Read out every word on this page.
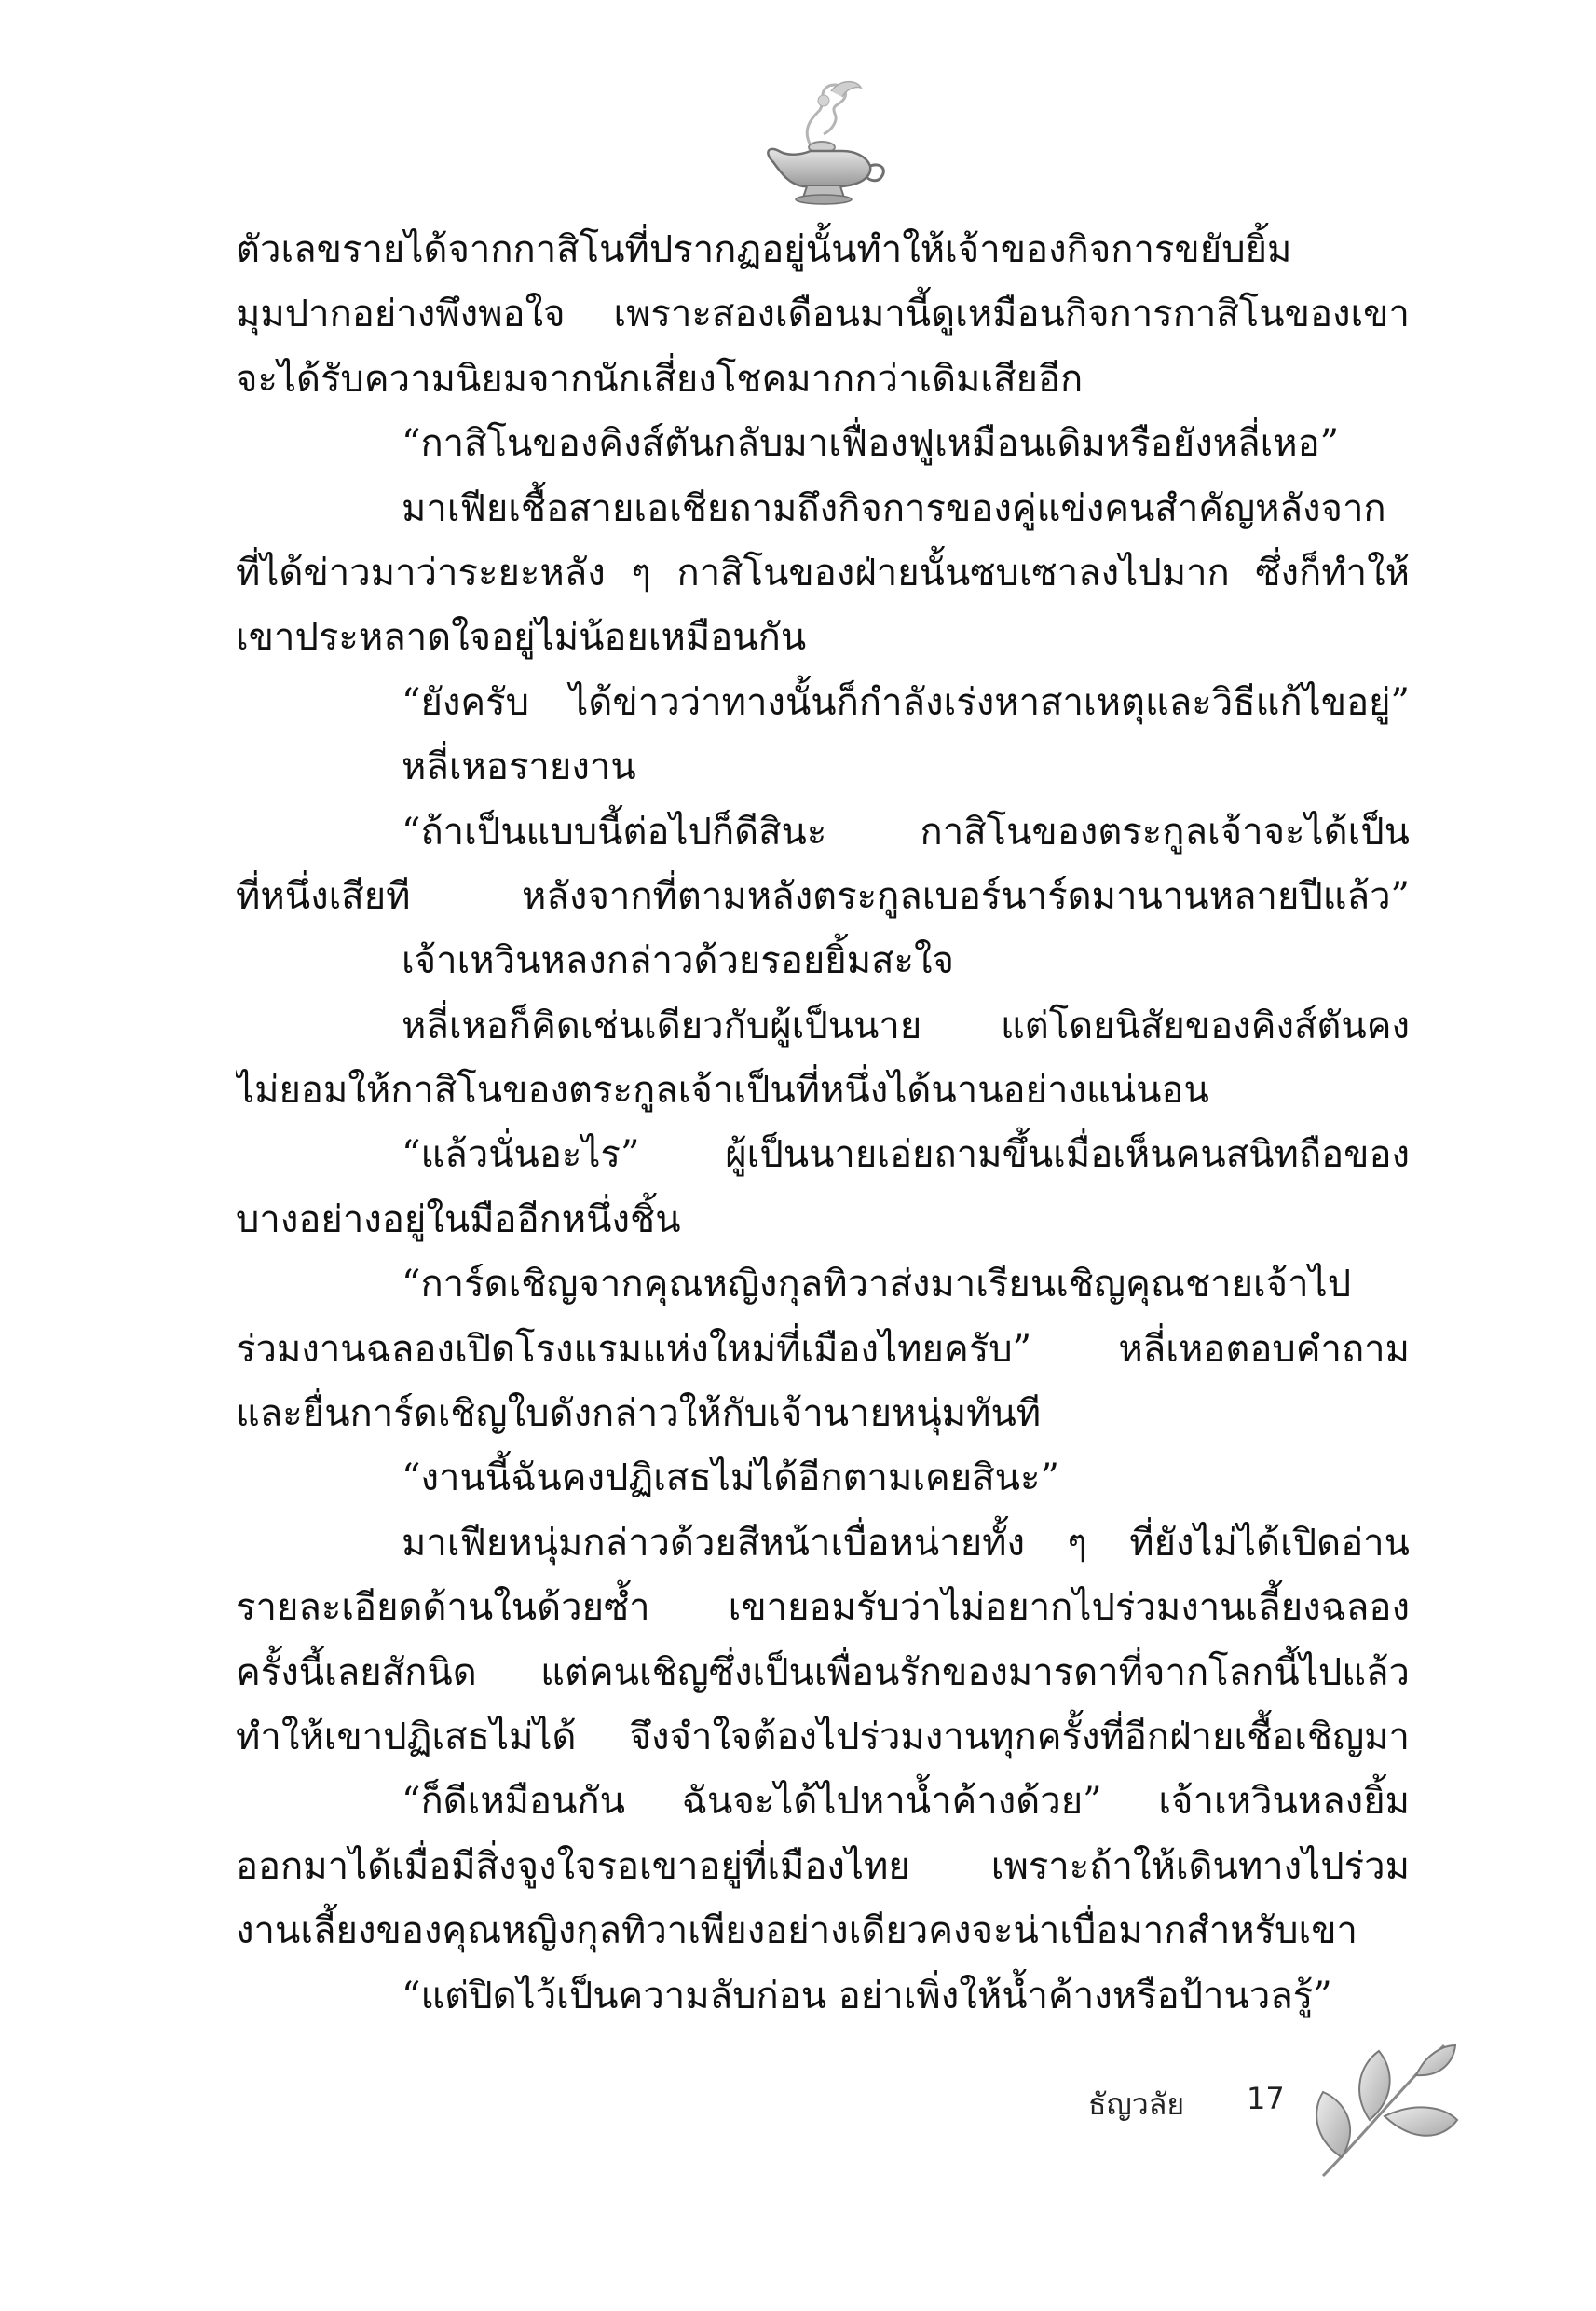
ตัวเลขรายได้จากกาสิโนที่ปรากฏอยู่นั้นทำให้เจ้าของกิจการขยับยิ้ม
มุมปากอย่างพึงพอใจ เพราะสองเดือนมานี้ดูเหมือนกิจการกาสิโนของเขา
จะได้รับความนิยมจากนักเสี่ยงโชคมากกว่าเดิมเสียอีก
“กาสิโนของคิงส์ตันกลับมาเฟื่องฟูเหมือนเดิมหรือยังหลี่เหอ”
มาเฟียเชื้อสายเอเชียถามถึงกิจการของคู่แข่งคนสำคัญหลังจาก
ที่ได้ข่าวมาว่าระยะหลัง ๆ กาสิโนของฝ่ายนั้นซบเซาลงไปมาก ซึ่งก็ทำให้
เขาประหลาดใจอยู่ไม่น้อยเหมือนกัน
“ยังครับ ได้ข่าวว่าทางนั้นก็กำลังเร่งหาสาเหตุและวิธีแก้ไขอยู่”
หลี่เหอรายงาน
“ถ้าเป็นแบบนี้ต่อไปก็ดีสินะ กาสิโนของตระกูลเจ้าจะได้เป็น
ที่หนึ่งเสียที หลังจากที่ตามหลังตระกูลเบอร์นาร์ดมานานหลายปีแล้ว”
เจ้าเหวินหลงกล่าวด้วยรอยยิ้มสะใจ
หลี่เหอก็คิดเช่นเดียวกับผู้เป็นนาย แต่โดยนิสัยของคิงส์ตันคง
ไม่ยอมให้กาสิโนของตระกูลเจ้าเป็นที่หนึ่งได้นานอย่างแน่นอน
“แล้วนั่นอะไร” ผู้เป็นนายเอ่ยถามขึ้นเมื่อเห็นคนสนิทถือของ
บางอย่างอยู่ในมืออีกหนึ่งชิ้น
“การ์ดเชิญจากคุณหญิงกุลทิวาส่งมาเรียนเชิญคุณชายเจ้าไป
ร่วมงานฉลองเปิดโรงแรมแห่งใหม่ที่เมืองไทยครับ” หลี่เหอตอบคำถาม
และยื่นการ์ดเชิญใบดังกล่าวให้กับเจ้านายหนุ่มทันที
“งานนี้ฉันคงปฏิเสธไม่ได้อีกตามเคยสินะ”
มาเฟียหนุ่มกล่าวด้วยสีหน้าเบื่อหน่ายทั้ง ๆ ที่ยังไม่ได้เปิดอ่าน
รายละเอียดด้านในด้วยซ้ำ เขายอมรับว่าไม่อยากไปร่วมงานเลี้ยงฉลอง
ครั้งนี้เลยสักนิด แต่คนเชิญซึ่งเป็นเพื่อนรักของมารดาที่จากโลกนี้ไปแล้ว
ทำให้เขาปฏิเสธไม่ได้ จึงจำใจต้องไปร่วมงานทุกครั้งที่อีกฝ่ายเชื้อเชิญมา
“ก็ดีเหมือนกัน ฉันจะได้ไปหาน้ำค้างด้วย” เจ้าเหวินหลงยิ้ม
ออกมาได้เมื่อมีสิ่งจูงใจรอเขาอยู่ที่เมืองไทย เพราะถ้าให้เดินทางไปร่วม
งานเลี้ยงของคุณหญิงกุลทิวาเพียงอย่างเดียวคงจะน่าเบื่อมากสำหรับเขา
“แต่ปิดไว้เป็นความลับก่อน อย่าเพิ่งให้น้ำค้างหรือป้านวลรู้”
ธัญวลัย 17
